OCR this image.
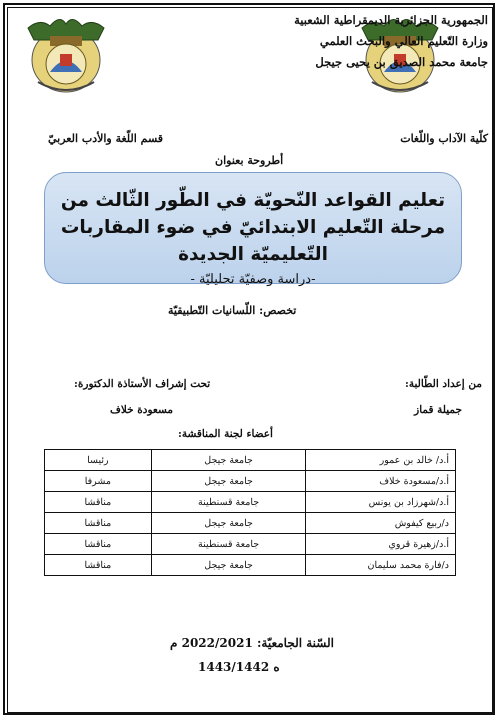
الجمهورية الجزائرية الديمقراطية الشعبية
وزارة التّعليم العالي والبحث العلمي
جامعة محمد الصديق بن يحيى جيجل
كلّية الآداب واللّغات
قسم اللّغة والأدب العربيّ
أطروحة بعنوان
تعليم القواعد النّحويّة في الطّور الثّالث من
مرحلة التّعليم الابتدائيّ في ضوء المقاربات
التّعليميّة الجديدة
-دراسة وصفيّة تحليليّة -
تخصص: اللّسانيات التّطبيقيّة
من إعداد الطّالبة:
جميلة قماز
تحت إشراف الأستاذة الدكتورة:
مسعودة خلاف
أعضاء لجنة المناقشة:
أ.د/ خالد بن عمور	جامعة جيجل	رئيسا
أ.د/مسعودة خلاف	جامعة جيجل	مشرفا
أ.د/شهرزاد بن يونس	جامعة قسنطينة	مناقشا
د/ربيع كيفوش	جامعة جيجل	مناقشا
أ.د/زهيرة قروي	جامعة قسنطينة	مناقشا
د/فارة محمد سليمان	جامعة جيجل	مناقشا
السّنة الجامعيّة: 2022/2021 م
1443/1442 ه
